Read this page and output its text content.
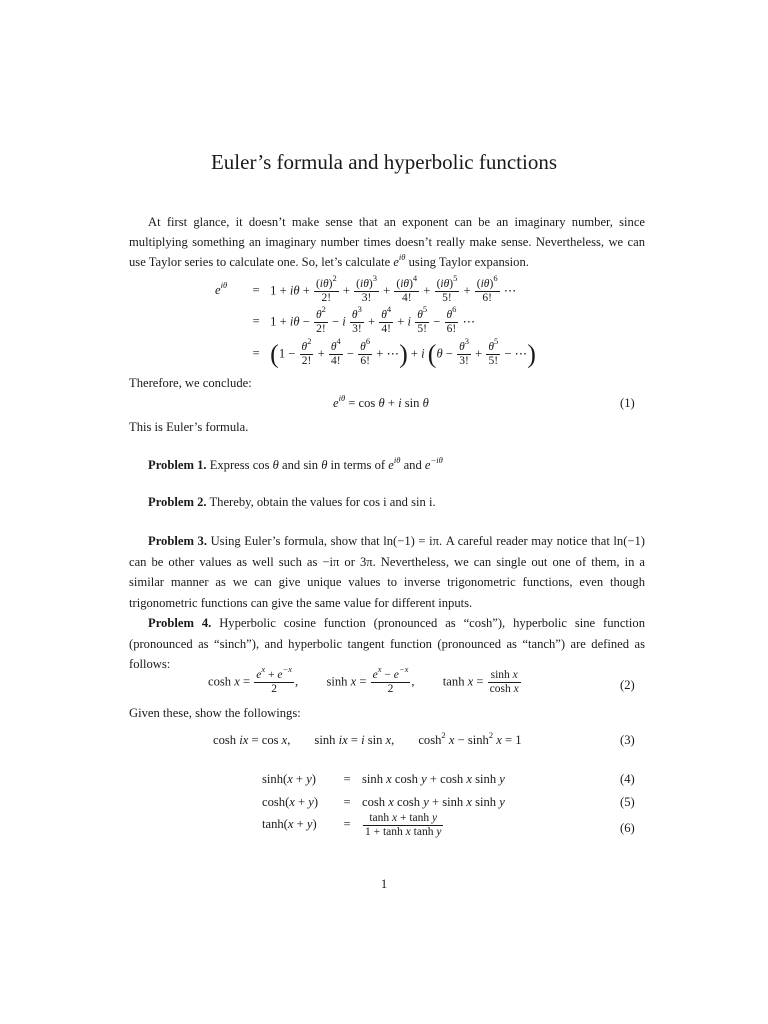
Euler’s formula and hyperbolic functions
At first glance, it doesn’t make sense that an exponent can be an imaginary number, since multiplying something an imaginary number times doesn’t really make sense. Nevertheless, we can use Taylor series to calculate one. So, let’s calculate $e^{i\theta}$ using Taylor expansion.
$e^{i\theta} = 1 + i\theta + \frac{(i\theta)^2}{2!} + \frac{(i\theta)^3}{3!} + \frac{(i\theta)^4}{4!} + \frac{(i\theta)^5}{5!} + \frac{(i\theta)^6}{6!}$ ⋯
= $1 + i\theta - \frac{\theta^2}{2!} - i \frac{\theta^3}{3!} + \frac{\theta^4}{4!} + i \frac{\theta^5}{5!} - \frac{\theta^6}{6!}$ ⋯
= ($1 - \frac{\theta^2}{2!} + \frac{\theta^4}{4!} - \frac{\theta^6}{6!}$ + ⋯) + i ($\theta - \frac{\theta^3}{3!} + \frac{\theta^5}{5!}$ − ⋯)
Therefore, we conclude:
$e^{i\theta} = \cos \theta + i$ sin θ	(1)
This is Euler’s formula.
Problem 1. Express cos θ and sin θ in terms of $e^{i\theta}$ and $e^{-i\theta}$
Problem 2. Thereby, obtain the values for cos i and sin i.
Problem 3. Using Euler’s formula, show that ln(−1) = iπ. A careful reader may notice that ln(−1) can be other values as well such as −iπ or 3π. Nevertheless, we can single out one of them, in a similar manner as we can give unique values to inverse trigonometric functions, even though trigonometric functions can give the same value for different inputs.
Problem 4. Hyperbolic cosine function (pronounced as “cosh”), hyperbolic sine function (pronounced as “sinch”), and hyperbolic tangent function (pronounced as “tanch”) are defined as follows:
$\cosh x = \frac{e^x + e^{-x}}{2}$ ,  $\sinh x = \frac{e^x - e^{-x}}{2}$ ,  $\tanh x = \frac{\text{sinh x}}{\text{cosh x}}$	(2)
Given these, show the followings:
cosh ix = cos x, sinh ix = i sin x, $\cosh^2 x - \sinh^2 x = 1$	(3)
sinh(x + y) = sinh x cosh y + cosh x sinh y	(4)
cosh(x + y) = cosh x cosh y + sinh x sinh y	(5)
$\tanh(x + y) = \frac{\text{tanh x + tanh y}}{\text{1 + tanh x tanh y}}$	(6)
1
